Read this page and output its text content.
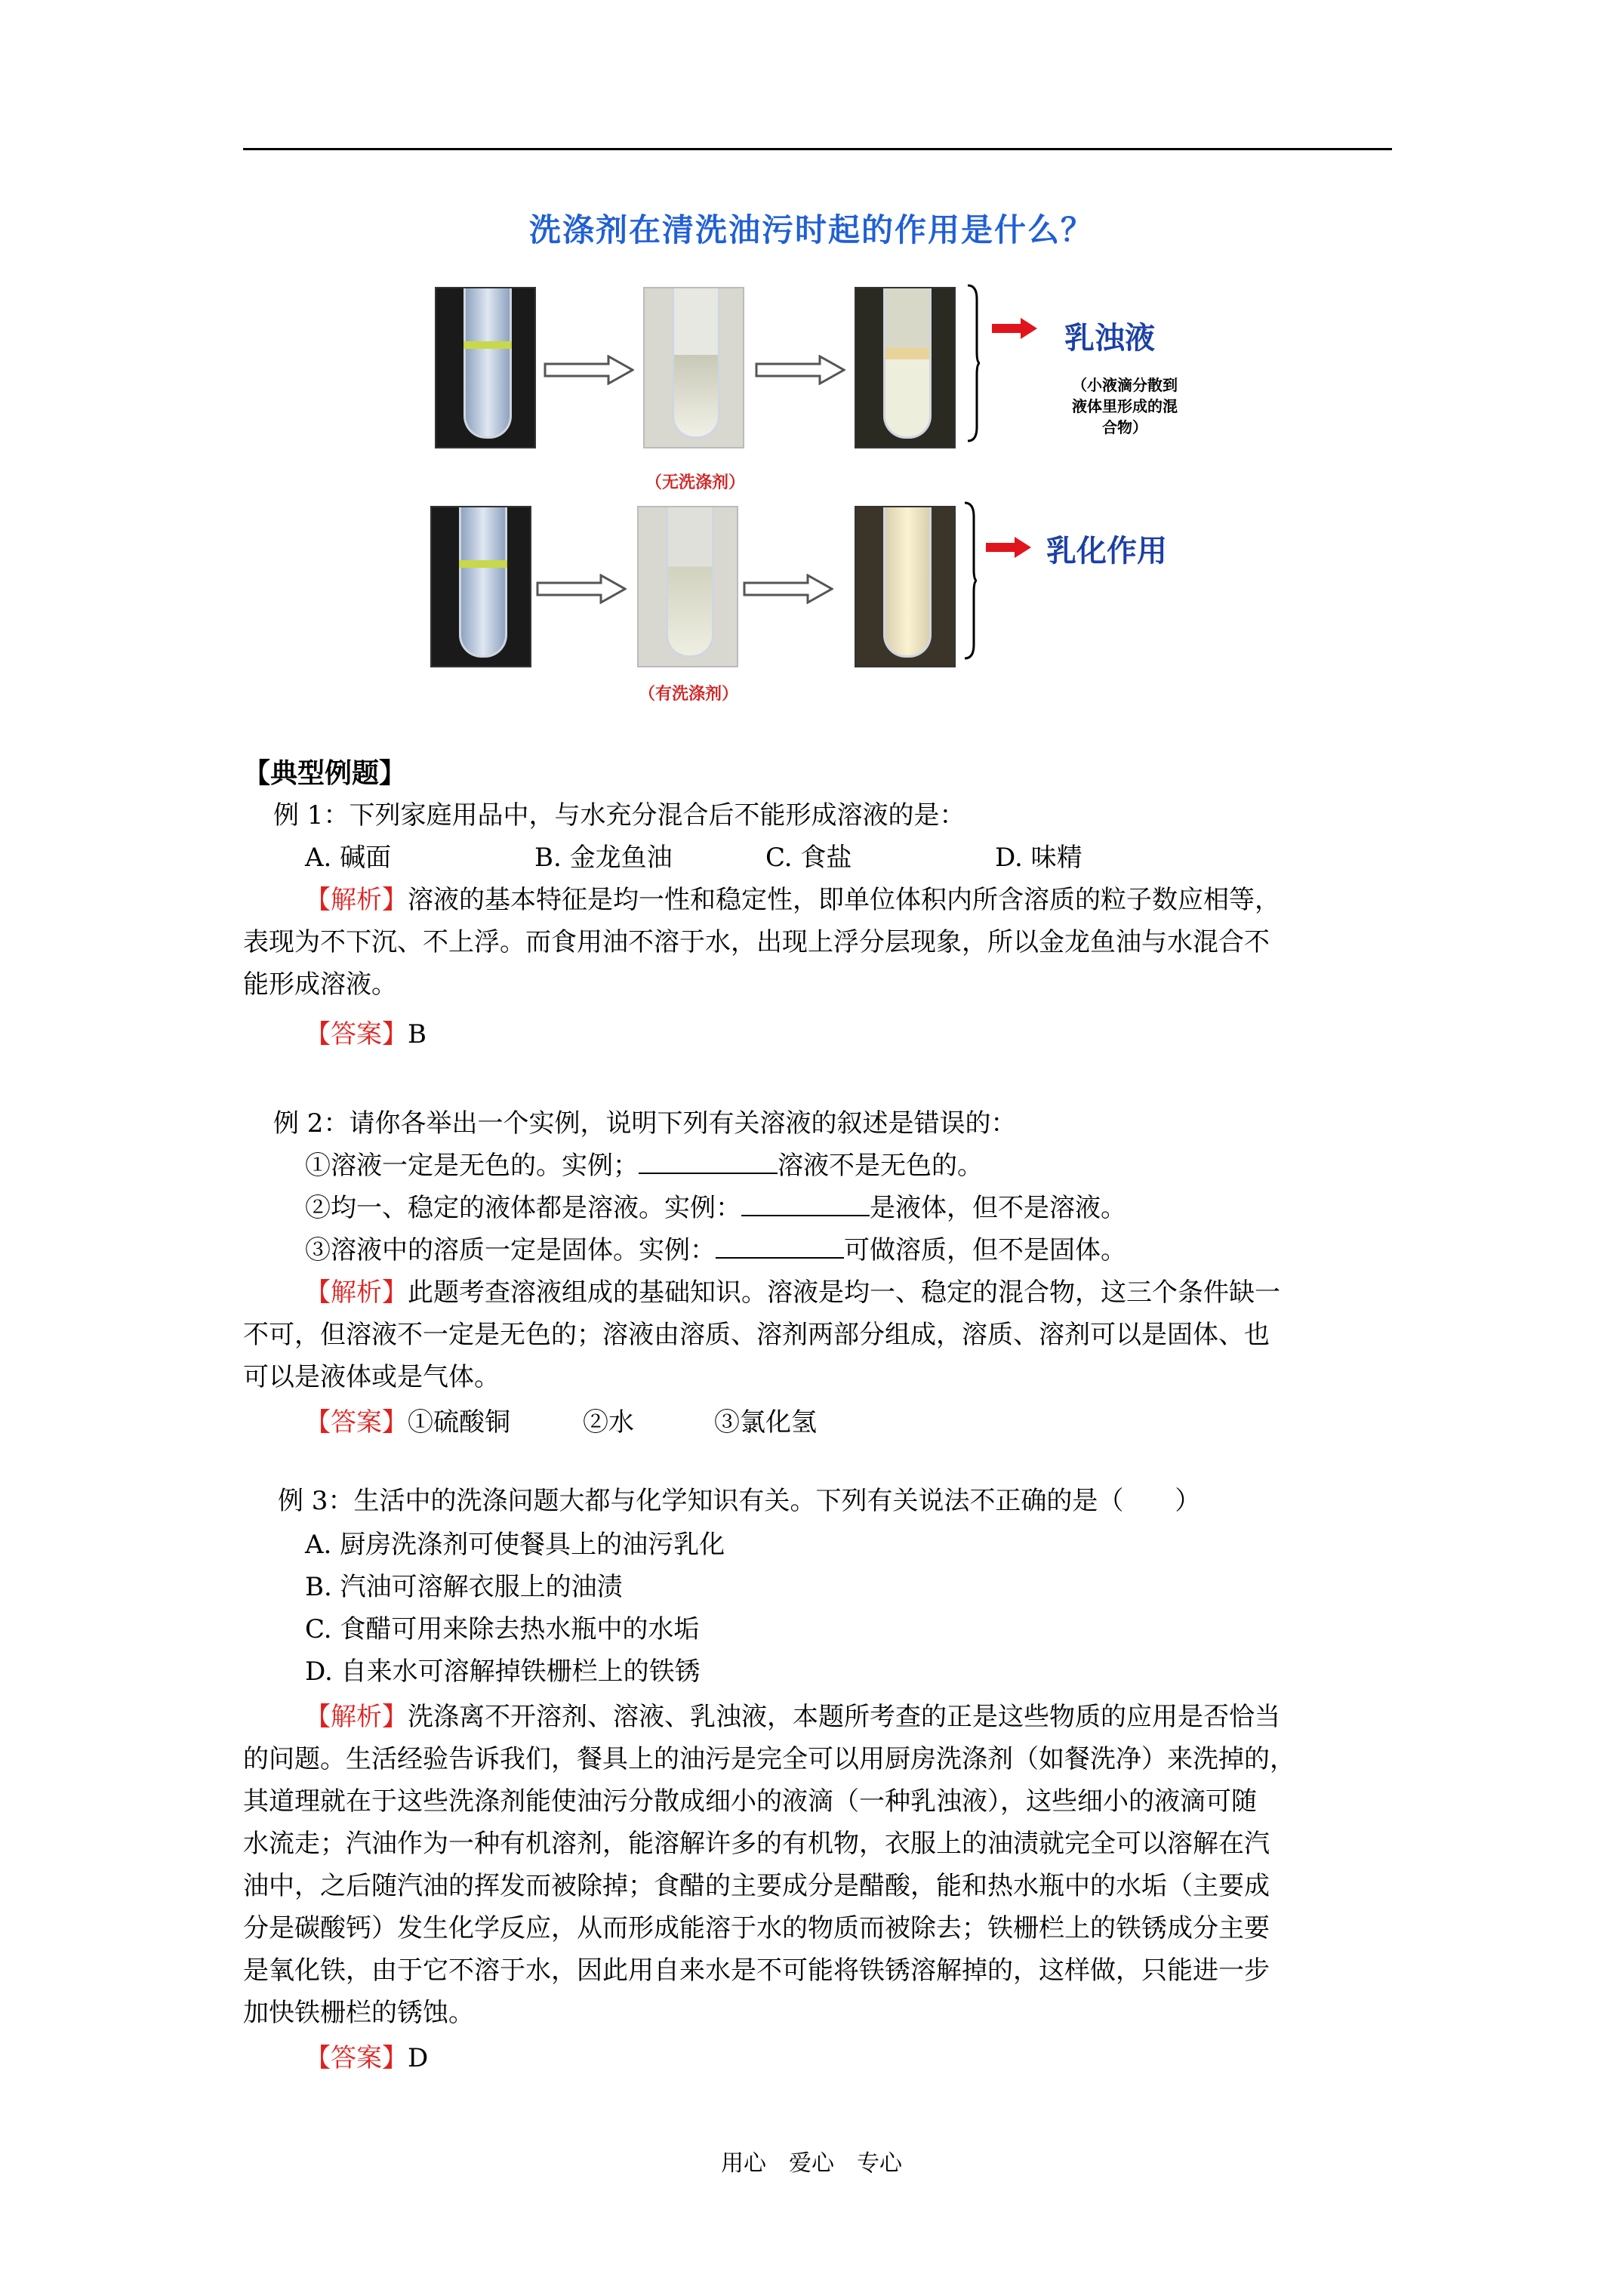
洗涤剂在清洗油污时起的作用是什么？
乳浊液
（小液滴分散到
液体里形成的混
合物）
（无洗涤剂）
乳化作用
（有洗涤剂）
【典型例题】
例 1：下列家庭用品中，与水充分混合后不能形成溶液的是：
A. 碱面	B. 金龙鱼油	C. 食盐	D. 味精
【解析】溶液的基本特征是均一性和稳定性，即单位体积内所含溶质的粒子数应相等，
表现为不下沉、不上浮。而食用油不溶于水，出现上浮分层现象，所以金龙鱼油与水混合不
能形成溶液。
【答案】B
例 2：请你各举出一个实例，说明下列有关溶液的叙述是错误的：
①溶液一定是无色的。实例；	溶液不是无色的。
②均一、稳定的液体都是溶液。实例：	是液体，但不是溶液。
③溶液中的溶质一定是固体。实例：	可做溶质，但不是固体。
【解析】此题考查溶液组成的基础知识。溶液是均一、稳定的混合物，这三个条件缺一
不可，但溶液不一定是无色的；溶液由溶质、溶剂两部分组成，溶质、溶剂可以是固体、也
可以是液体或是气体。
【答案】①硫酸铜	②水	③氯化氢
例 3：生活中的洗涤问题大都与化学知识有关。下列有关说法不正确的是（　　）
A. 厨房洗涤剂可使餐具上的油污乳化
B. 汽油可溶解衣服上的油渍
C. 食醋可用来除去热水瓶中的水垢
D. 自来水可溶解掉铁栅栏上的铁锈
【解析】洗涤离不开溶剂、溶液、乳浊液，本题所考查的正是这些物质的应用是否恰当
的问题。生活经验告诉我们，餐具上的油污是完全可以用厨房洗涤剂（如餐洗净）来洗掉的，
其道理就在于这些洗涤剂能使油污分散成细小的液滴（一种乳浊液），这些细小的液滴可随
水流走；汽油作为一种有机溶剂，能溶解许多的有机物，衣服上的油渍就完全可以溶解在汽
油中，之后随汽油的挥发而被除掉；食醋的主要成分是醋酸，能和热水瓶中的水垢（主要成
分是碳酸钙）发生化学反应，从而形成能溶于水的物质而被除去；铁栅栏上的铁锈成分主要
是氧化铁，由于它不溶于水，因此用自来水是不可能将铁锈溶解掉的，这样做，只能进一步
加快铁栅栏的锈蚀。
【答案】D
用心　爱心　专心
